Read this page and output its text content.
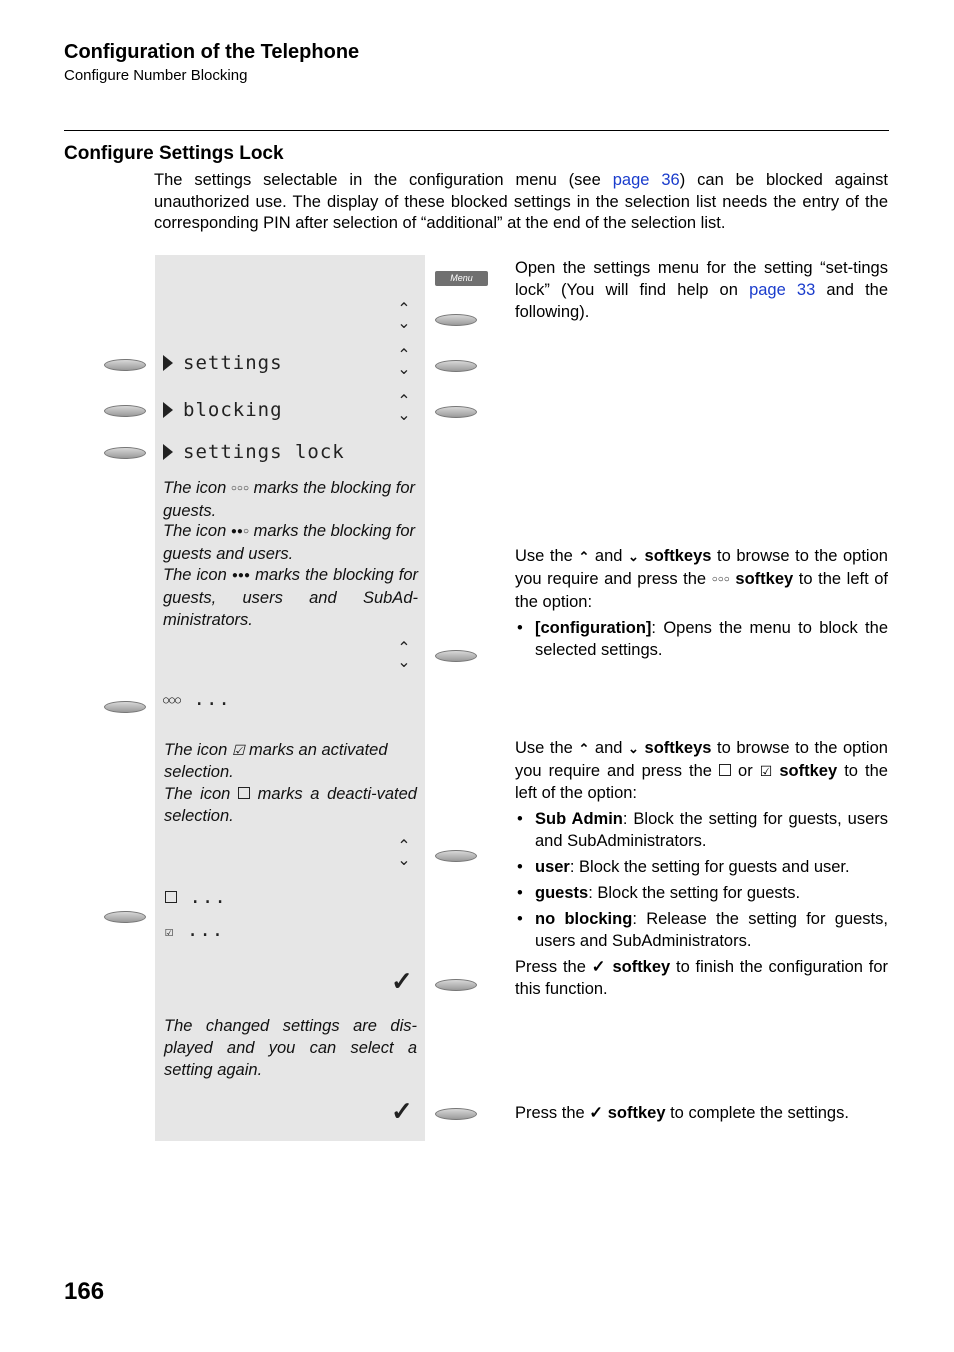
Configuration of the Telephone
Configure Number Blocking
Configure Settings Lock
The settings selectable in the configuration menu (see page 36) can be blocked against unauthorized use. The display of these blocked settings in the selection list needs the entry of the corresponding PIN after selection of “additional” at the end of the selection list.
Menu
⌃
⌄
⌃
⌄
⌃
⌄
⌃
⌄
⌃
⌄
✓
✓
settings
blocking
settings lock
The icon ○○○ marks the blocking for guests.
The icon ●●○ marks the blocking for guests and users.
The icon ●●● marks the blocking for guests, users and SubAd-ministrators.
○○○ ...
The icon ☑ marks an activated selection.
The icon marks a deacti-vated selection.
...
☑ ...
The changed settings are dis-played and you can select a setting again.
Open the settings menu for the setting “set-tings lock” (You will find help on page 33 and the following).
Use the ⌃ and ⌄ softkeys to browse to the option you require and press the ○○○ softkey to the left of the option:
• [configuration]: Opens the menu to block the selected settings.
Use the ⌃ and ⌄ softkeys to browse to the option you require and press the or ☑ softkey to the left of the option:
• Sub Admin: Block the setting for guests, users and SubAdministrators.
• user: Block the setting for guests and user.
• guests: Block the setting for guests.
• no blocking: Release the setting for guests, users and SubAdministrators.
Press the ✓ softkey to finish the configuration for this function.
Press the ✓ softkey to complete the settings.
166
